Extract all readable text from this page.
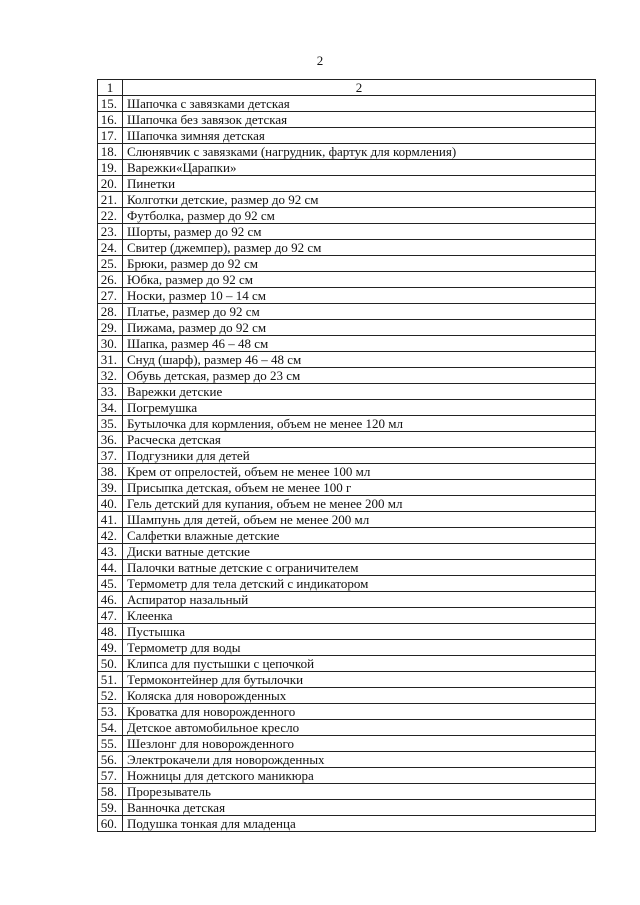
2
1	2
15.	Шапочка с завязками детская
16.	Шапочка без завязок детская
17.	Шапочка зимняя детская
18.	Слюнявчик с завязками (нагрудник, фартук для кормления)
19.	Варежки«Царапки»
20.	Пинетки
21.	Колготки детские, размер до 92 см
22.	Футболка, размер до 92 см
23.	Шорты, размер до 92 см
24.	Свитер (джемпер), размер до 92 см
25.	Брюки, размер до 92 см
26.	Юбка, размер до 92 см
27.	Носки, размер 10 – 14 см
28.	Платье, размер до 92 см
29.	Пижама, размер до 92 см
30.	Шапка, размер 46 – 48 см
31.	Снуд (шарф), размер 46 – 48 см
32.	Обувь детская, размер до 23 см
33.	Варежки детские
34.	Погремушка
35.	Бутылочка для кормления, объем не менее 120 мл
36.	Расческа детская
37.	Подгузники для детей
38.	Крем от опрелостей, объем не менее 100 мл
39.	Присыпка детская, объем не менее 100 г
40.	Гель детский для купания, объем не менее 200 мл
41.	Шампунь для детей, объем не менее 200 мл
42.	Салфетки влажные детские
43.	Диски ватные детские
44.	Палочки ватные детские с ограничителем
45.	Термометр для тела детский с индикатором
46.	Аспиратор назальный
47.	Клеенка
48.	Пустышка
49.	Термометр для воды
50.	Клипса для пустышки с цепочкой
51.	Термоконтейнер для бутылочки
52.	Коляска для новорожденных
53.	Кроватка для новорожденного
54.	Детское автомобильное кресло
55.	Шезлонг для новорожденного
56.	Электрокачели для новорожденных
57.	Ножницы для детского маникюра
58.	Прорезыватель
59.	Ванночка детская
60.	Подушка тонкая для младенца
